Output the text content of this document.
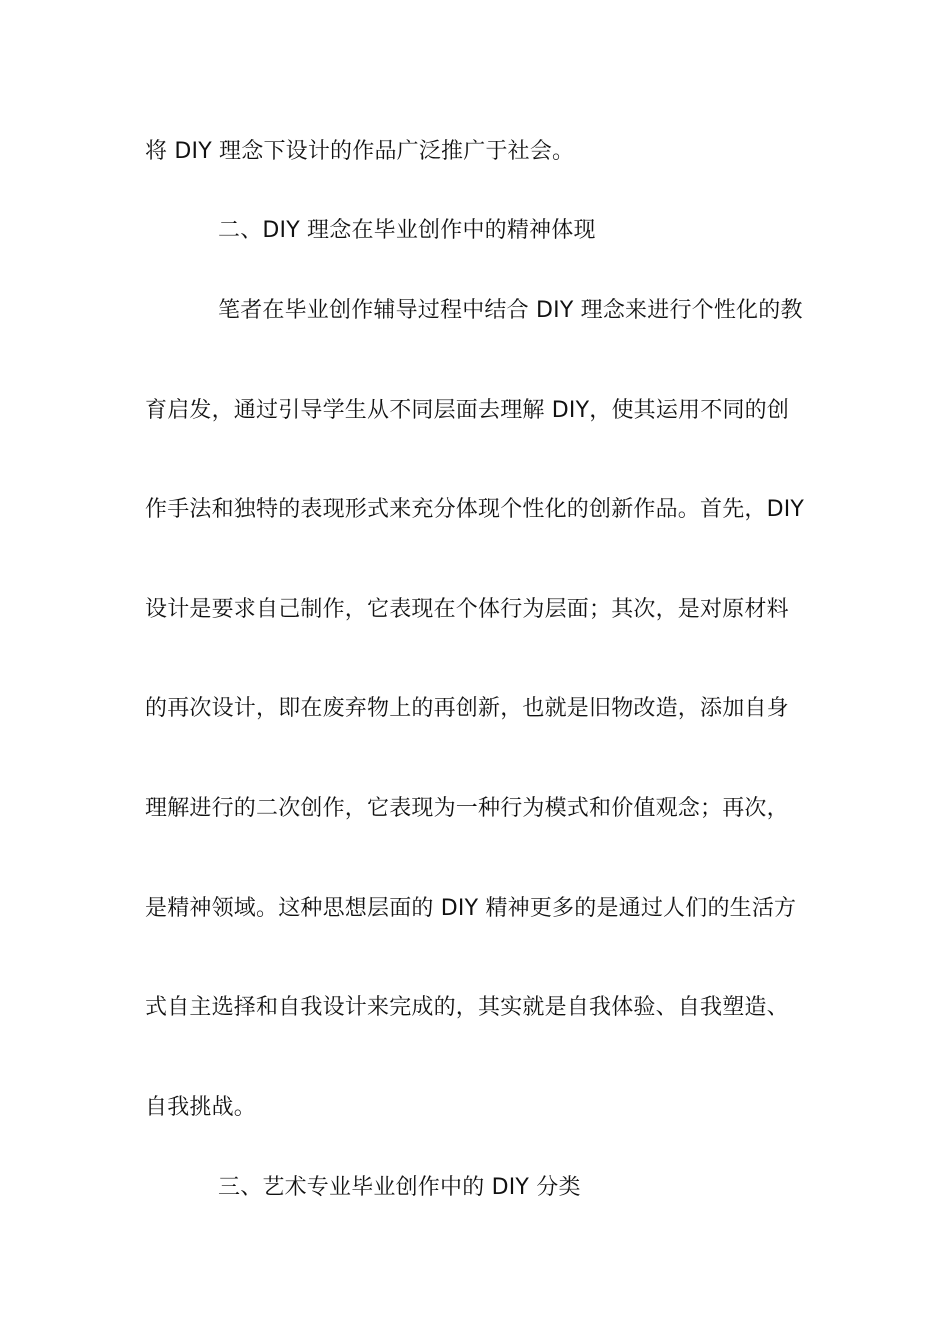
将 DIY 理念下设计的作品广泛推广于社会。
二、DIY 理念在毕业创作中的精神体现
笔者在毕业创作辅导过程中结合 DIY 理念来进行个性化的教
育启发，通过引导学生从不同层面去理解 DIY，使其运用不同的创
作手法和独特的表现形式来充分体现个性化的创新作品。首先，DIY
设计是要求自己制作，它表现在个体行为层面；其次，是对原材料
的再次设计，即在废弃物上的再创新，也就是旧物改造，添加自身
理解进行的二次创作，它表现为一种行为模式和价值观念；再次，
是精神领域。这种思想层面的 DIY 精神更多的是通过人们的生活方
式自主选择和自我设计来完成的，其实就是自我体验、自我塑造、
自我挑战。
三、艺术专业毕业创作中的 DIY 分类
